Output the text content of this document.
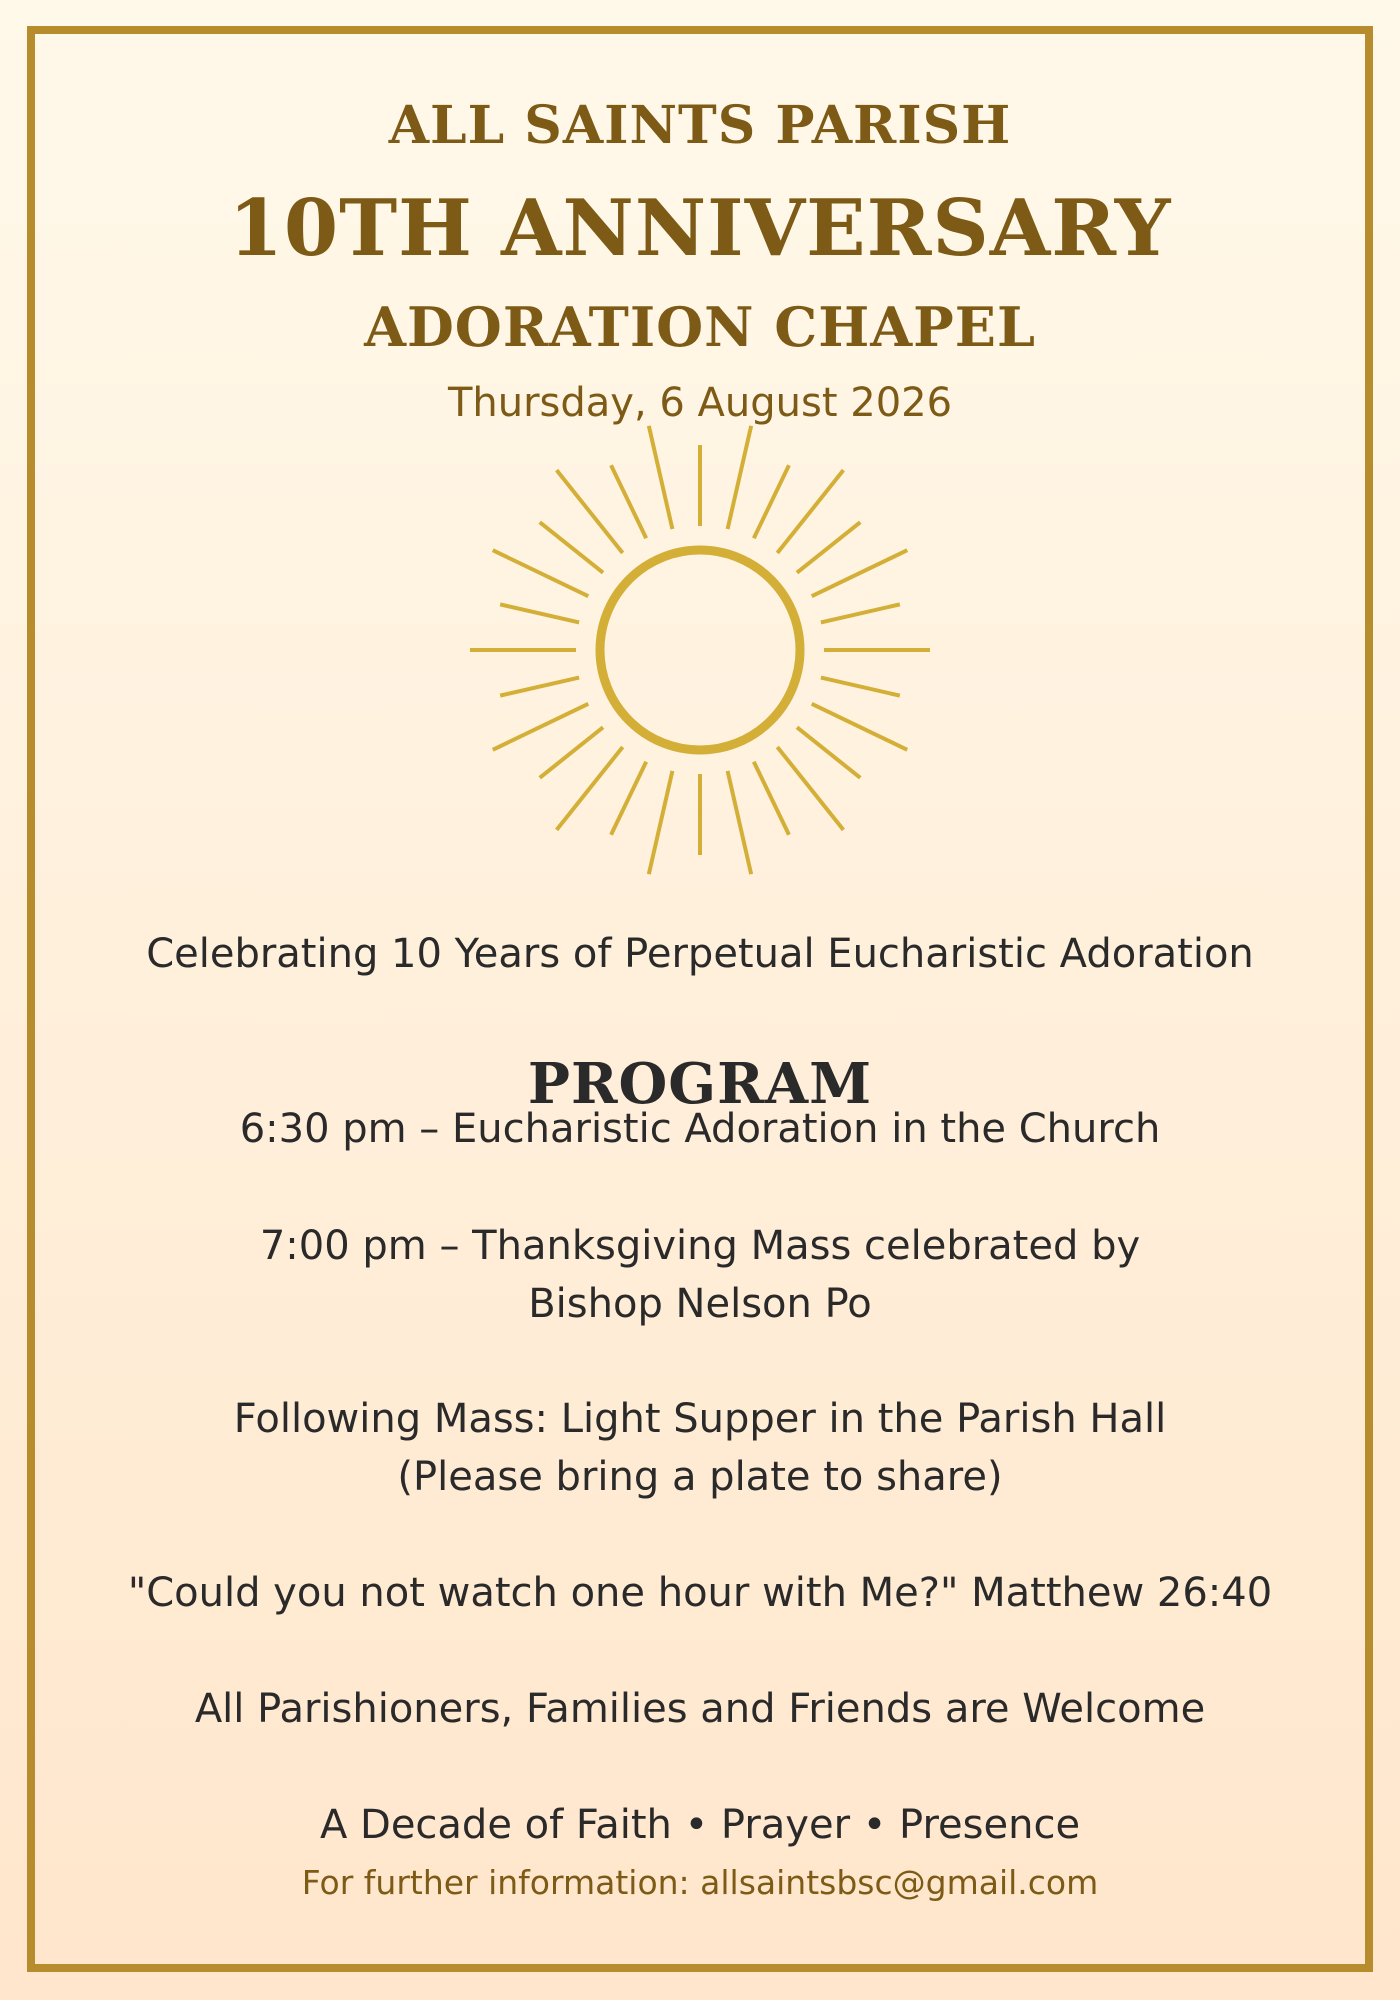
ALL SAINTS PARISH
10TH ANNIVERSARY
ADORATION CHAPEL
Thursday, 6 August 2026
Celebrating 10 Years of Perpetual Eucharistic Adoration
PROGRAM
6:30 pm – Eucharistic Adoration in the Church
7:00 pm – Thanksgiving Mass celebrated by
Bishop Nelson Po
Following Mass: Light Supper in the Parish Hall
(Please bring a plate to share)
"Could you not watch one hour with Me?" Matthew 26:40
All Parishioners, Families and Friends are Welcome
A Decade of Faith • Prayer • Presence
For further information: allsaintsbsc@gmail.com
